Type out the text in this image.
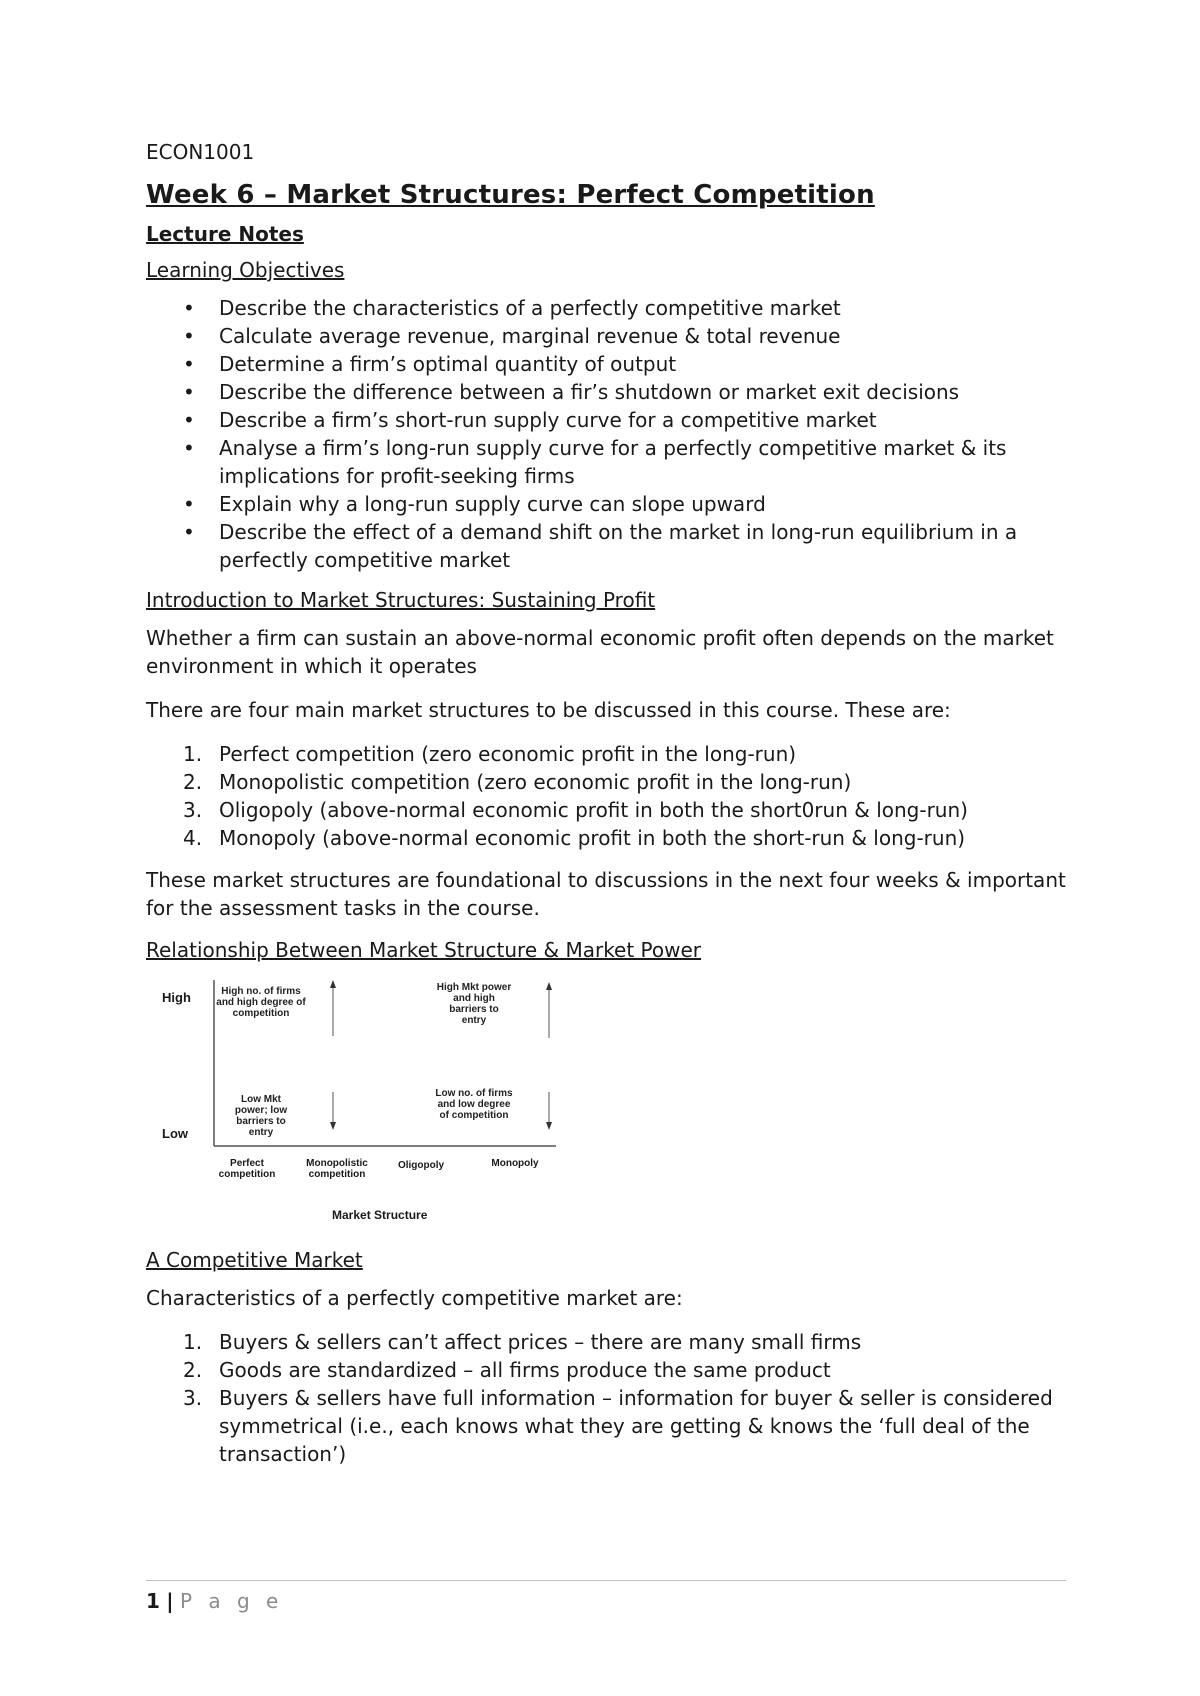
ECON1001
Week 6 – Market Structures: Perfect Competition
Lecture Notes
Learning Objectives
• Describe the characteristics of a perfectly competitive market
• Calculate average revenue, marginal revenue & total revenue
• Determine a firm’s optimal quantity of output
• Describe the difference between a fir’s shutdown or market exit decisions
• Describe a firm’s short-run supply curve for a competitive market
• Analyse a firm’s long-run supply curve for a perfectly competitive market & its implications for profit-seeking firms
• Explain why a long-run supply curve can slope upward
• Describe the effect of a demand shift on the market in long-run equilibrium in a perfectly competitive market
Introduction to Market Structures: Sustaining Profit

Whether a firm can sustain an above-normal economic profit often depends on the market environment in which it operates

There are four main market structures to be discussed in this course. These are:

Perfect competition (zero economic profit in the long-run)
Monopolistic competition (zero economic profit in the long-run)
Oligopoly (above-normal economic profit in both the short0run & long-run)
Monopoly (above-normal economic profit in both the short-run & long-run)

These market structures are foundational to discussions in the next four weeks & important for the assessment tasks in the course.

Relationship Between Market Structure & Market Power
High
Low
High no. of firms and high degree of competition
Low Mkt power; low barriers to entry
High Mkt power and high barriers to entry
Low no. of firms and low degree of competition
Perfect competition
Monopolistic competition
Oligopoly	Monopoly
Market Structure
A Competitive Market

Characteristics of a perfectly competitive market are:

Buyers & sellers can’t affect prices – there are many small firms
Goods are standardized – all firms produce the same product
Buyers & sellers have full information – information for buyer & seller is considered symmetrical (i.e., each knows what they are getting & knows the ‘full deal of the transaction’)
1 | P a g e
